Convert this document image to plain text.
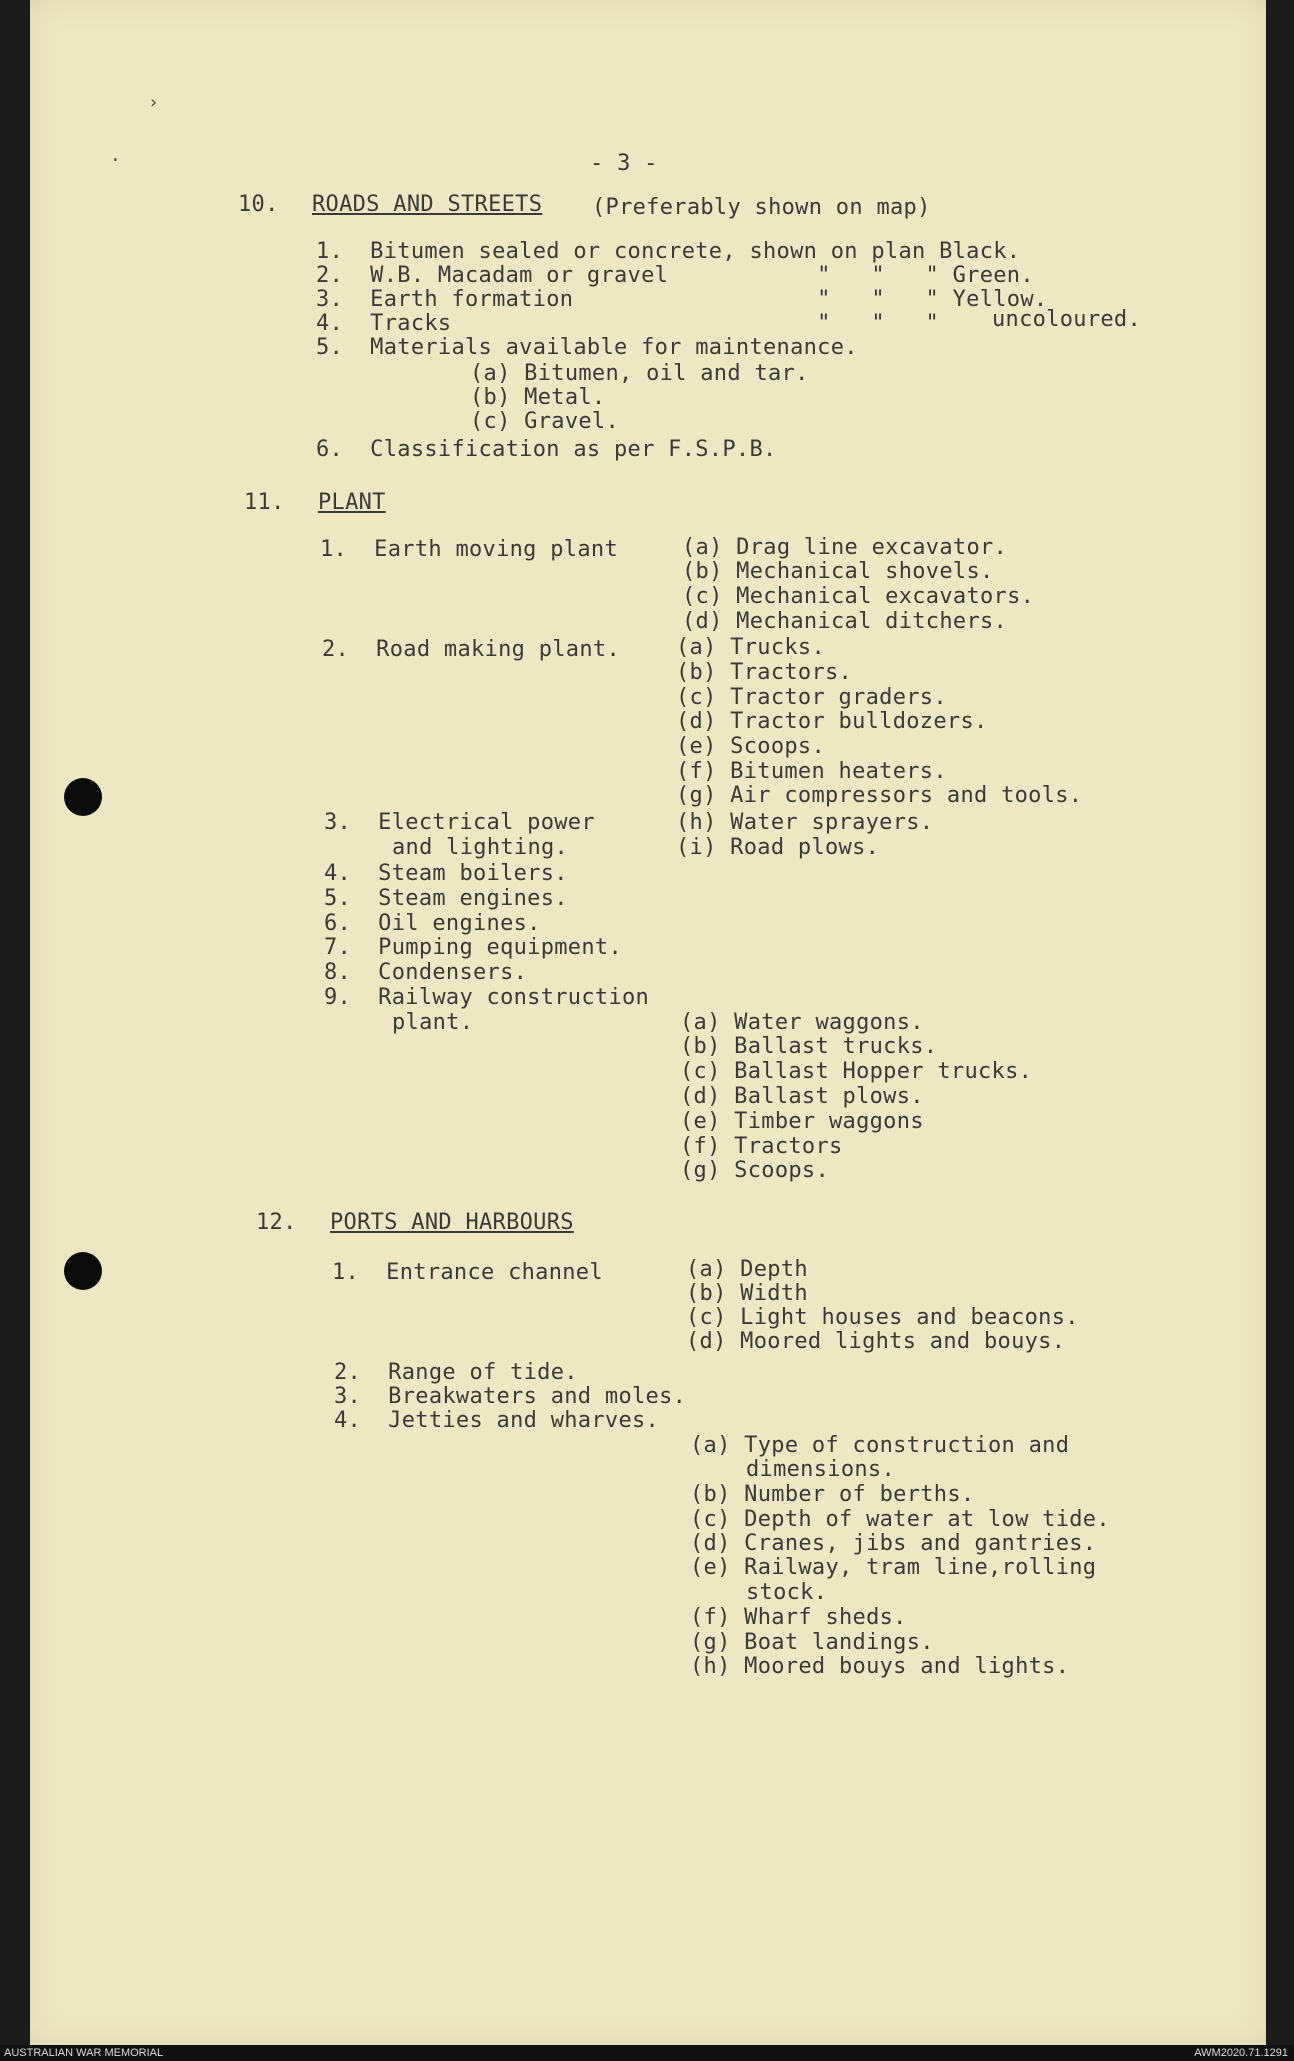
- 3 -
10. ROADS AND STREETS (Preferably shown on map)
1.  Bitumen sealed or concrete, shown on plan Black.
2.  W.B. Macadam or gravel           "   "   " Green.
3.  Earth formation                  "   "   " Yellow.
4.  Tracks                           "   "   " uncoloured.
5.  Materials available for maintenance.
(a) Bitumen, oil and tar.
(b) Metal.
(c) Gravel.
6.  Classification as per F.S.P.B.
11. PLANT
1.  Earth moving plant	(a) Drag line excavator.
(b) Mechanical shovels.
(c) Mechanical excavators.
(d) Mechanical ditchers.
2.  Road making plant.	(a) Trucks.
(b) Tractors.
(c) Tractor graders.
(d) Tractor bulldozers.
(e) Scoops.
(f) Bitumen heaters.
(g) Air compressors and tools.
3.  Electrical power	(h) Water sprayers.
and lighting.	(i) Road plows.
4.  Steam boilers.
5.  Steam engines.
6.  Oil engines.
7.  Pumping equipment.
8.  Condensers.
9.  Railway construction
plant.	(a) Water waggons.
(b) Ballast trucks.
(c) Ballast Hopper trucks.
(d) Ballast plows.
(e) Timber waggons
(f) Tractors
(g) Scoops.
12. PORTS AND HARBOURS
1.  Entrance channel	(a) Depth
(b) Width
(c) Light houses and beacons.
(d) Moored lights and bouys.
2.  Range of tide.
3.  Breakwaters and moles.
4.  Jetties and wharves.
(a) Type of construction and
dimensions.
(b) Number of berths.
(c) Depth of water at low tide.
(d) Cranes, jibs and gantries.
(e) Railway, tram line,rolling
stock.
(f) Wharf sheds.
(g) Boat landings.
(h) Moored bouys and lights.
›
·
AUSTRALIAN WAR MEMORIAL	AWM2020.71.1291
